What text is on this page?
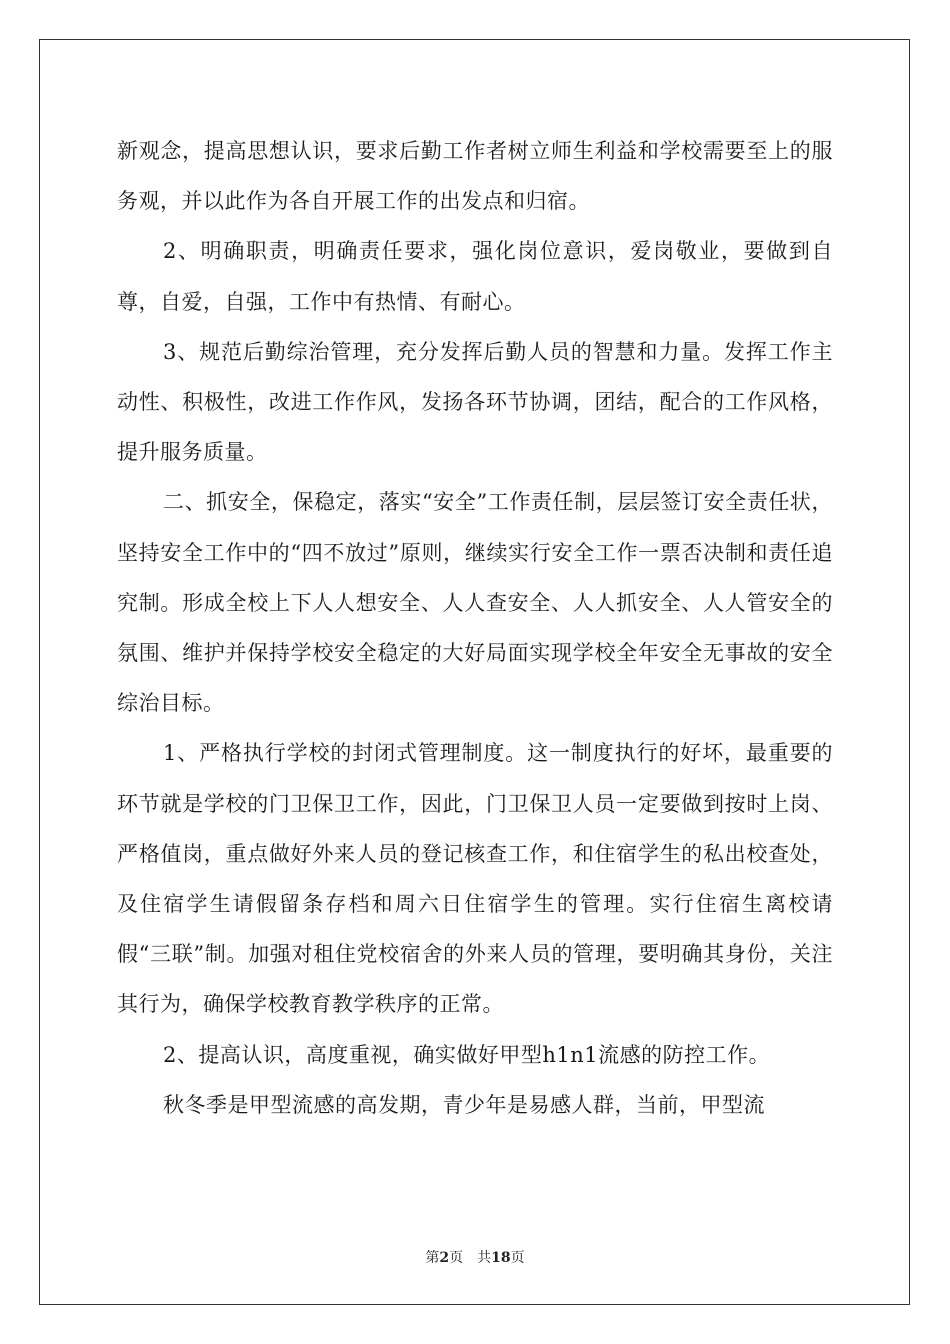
新观念，提高思想认识，要求后勤工作者树立师生利益和学校需要至上的服务观，并以此作为各自开展工作的出发点和归宿。

2、明确职责，明确责任要求，强化岗位意识，爱岗敬业，要做到自尊，自爱，自强，工作中有热情、有耐心。

3、规范后勤综治管理，充分发挥后勤人员的智慧和力量。发挥工作主动性、积极性，改进工作作风，发扬各环节协调，团结，配合的工作风格，提升服务质量。

二、抓安全，保稳定，落实“安全”工作责任制，层层签订安全责任状，坚持安全工作中的“四不放过”原则，继续实行安全工作一票否决制和责任追究制。形成全校上下人人想安全、人人查安全、人人抓安全、人人管安全的氛围、维护并保持学校安全稳定的大好局面实现学校全年安全无事故的安全综治目标。

1、严格执行学校的封闭式管理制度。这一制度执行的好坏，最重要的环节就是学校的门卫保卫工作，因此，门卫保卫人员一定要做到按时上岗、严格值岗，重点做好外来人员的登记核查工作，和住宿学生的私出校查处，及住宿学生请假留条存档和周六日住宿学生的管理。实行住宿生离校请假“三联”制。加强对租住党校宿舍的外来人员的管理，要明确其身份，关注其行为，确保学校教育教学秩序的正常。

2、提高认识，高度重视，确实做好甲型h1n1流感的防控工作。

秋冬季是甲型流感的高发期，青少年是易感人群，当前，甲型流

第2页 共18页
